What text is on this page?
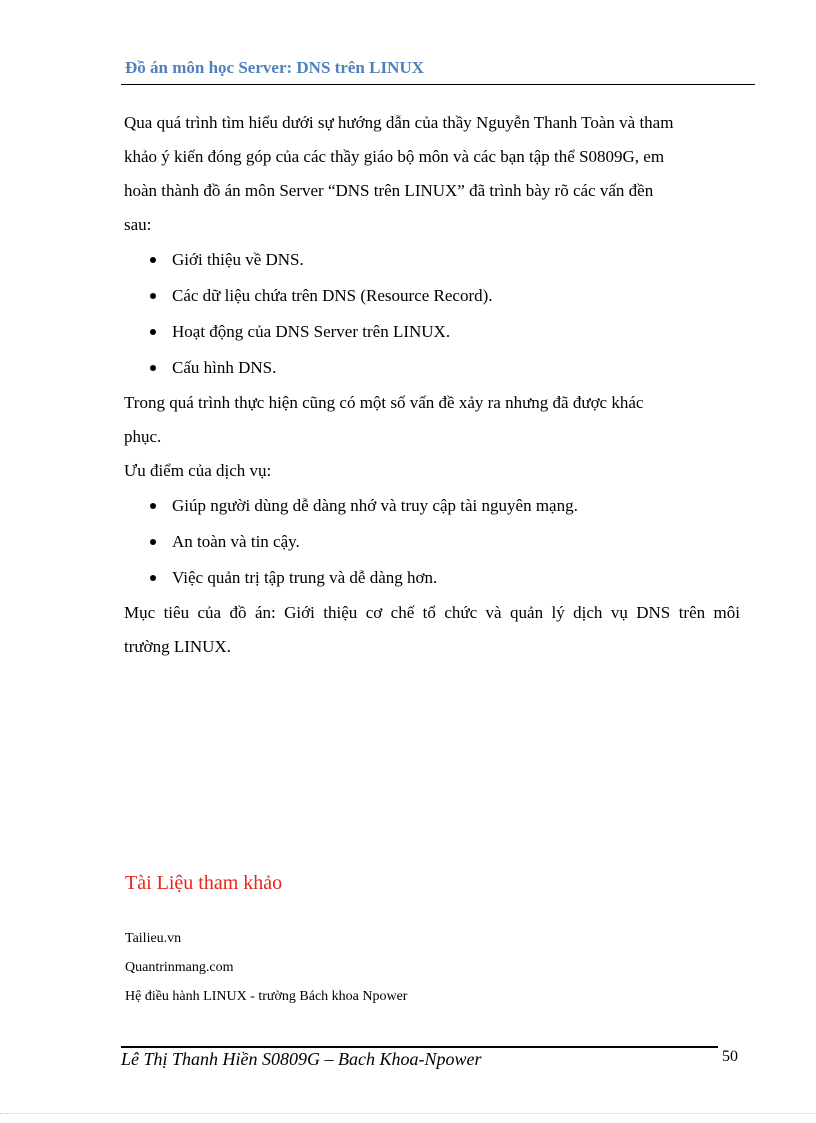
Đồ án môn học Server: DNS trên LINUX

Qua quá trình tìm hiểu dưới sự hướng dẫn của thầy Nguyễn Thanh Toàn và tham

khảo ý kiến đóng góp của các thầy giáo bộ môn và các bạn tập thể S0809G, em

hoàn thành đồ án môn Server “DNS trên LINUX” đã trình bày rõ các vấn đền

sau:

Giới thiệu về DNS.
Các dữ liệu chứa trên DNS (Resource Record).
Hoạt động của DNS Server trên LINUX.
Cấu hình DNS.

Trong quá trình thực hiện cũng có một số vấn đề xảy ra nhưng đã được khác

phục.

Ưu điểm của dịch vụ:

Giúp người dùng dễ dàng nhớ và truy cập tài nguyên mạng.
An toàn và tin cậy.
Việc quản trị tập trung và dễ dàng hơn.

Mục tiêu của đồ án: Giới thiệu cơ chế tổ chức và quản lý dịch vụ DNS trên môi

trường LINUX.

Tài Liệu tham khảo
Tailieu.vn
Quantrinmang.com
Hệ điều hành LINUX - trường Bách khoa Npower
Lê Thị Thanh Hiền S0809G – Bach Khoa-Npower	50
